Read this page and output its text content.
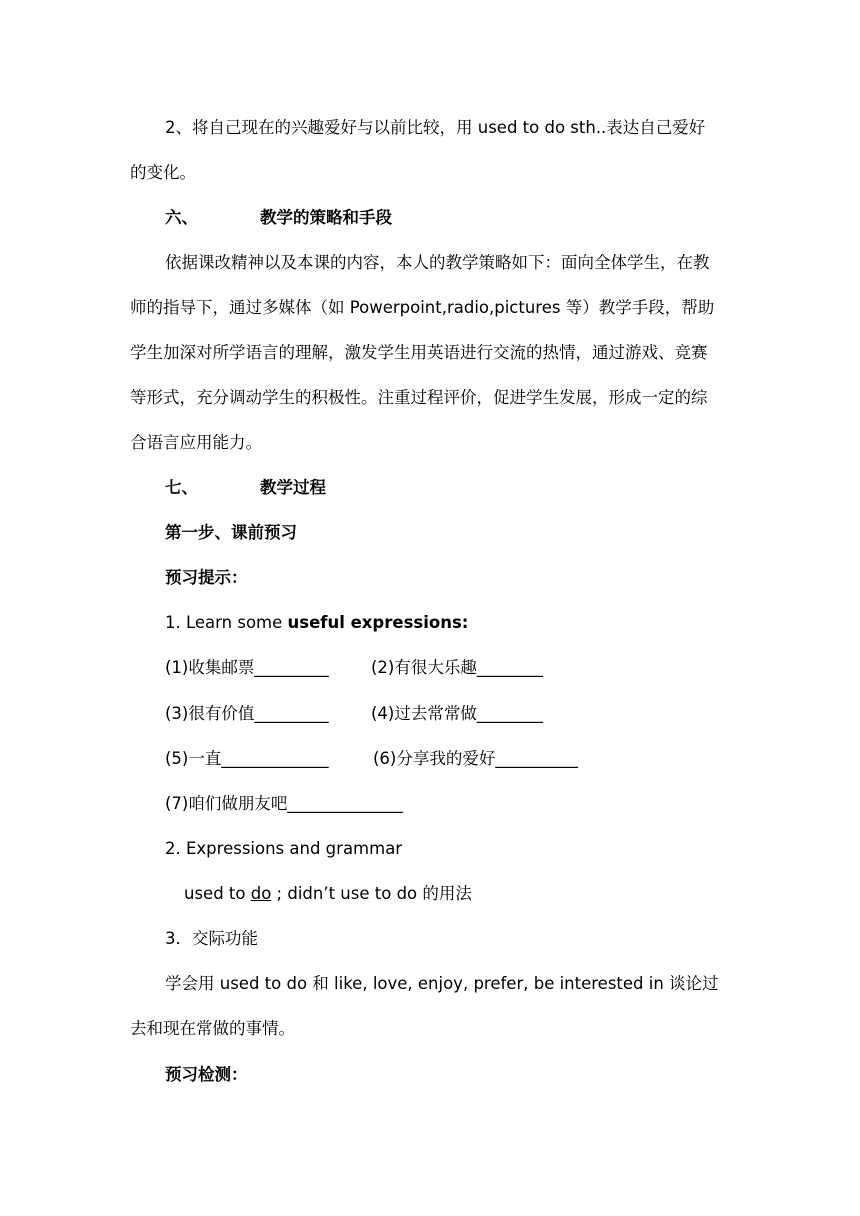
2、将自己现在的兴趣爱好与以前比较，用 used to do sth..表达自己爱好
的变化。
六、	教学的策略和手段
依据课改精神以及本课的内容，本人的教学策略如下：面向全体学生，在教
师的指导下，通过多媒体（如 Powerpoint,radio,pictures 等）教学手段，帮助
学生加深对所学语言的理解，激发学生用英语进行交流的热情，通过游戏、竞赛
等形式，充分调动学生的积极性。注重过程评价，促进学生发展，形成一定的综
合语言应用能力。
七、	教学过程
第一步、课前预习
预习提示：
1. Learn some useful expressions:
(1)收集邮票_________	(2)有很大乐趣________
(3)很有价值_________	(4)过去常常做________
(5)一直_____________	(6)分享我的爱好__________
(7)咱们做朋友吧______________
2. Expressions and grammar
used to do ; didn’t use to do 的用法
3．交际功能
学会用 used to do 和 like, love, enjoy, prefer, be interested in 谈论过
去和现在常做的事情。
预习检测：
